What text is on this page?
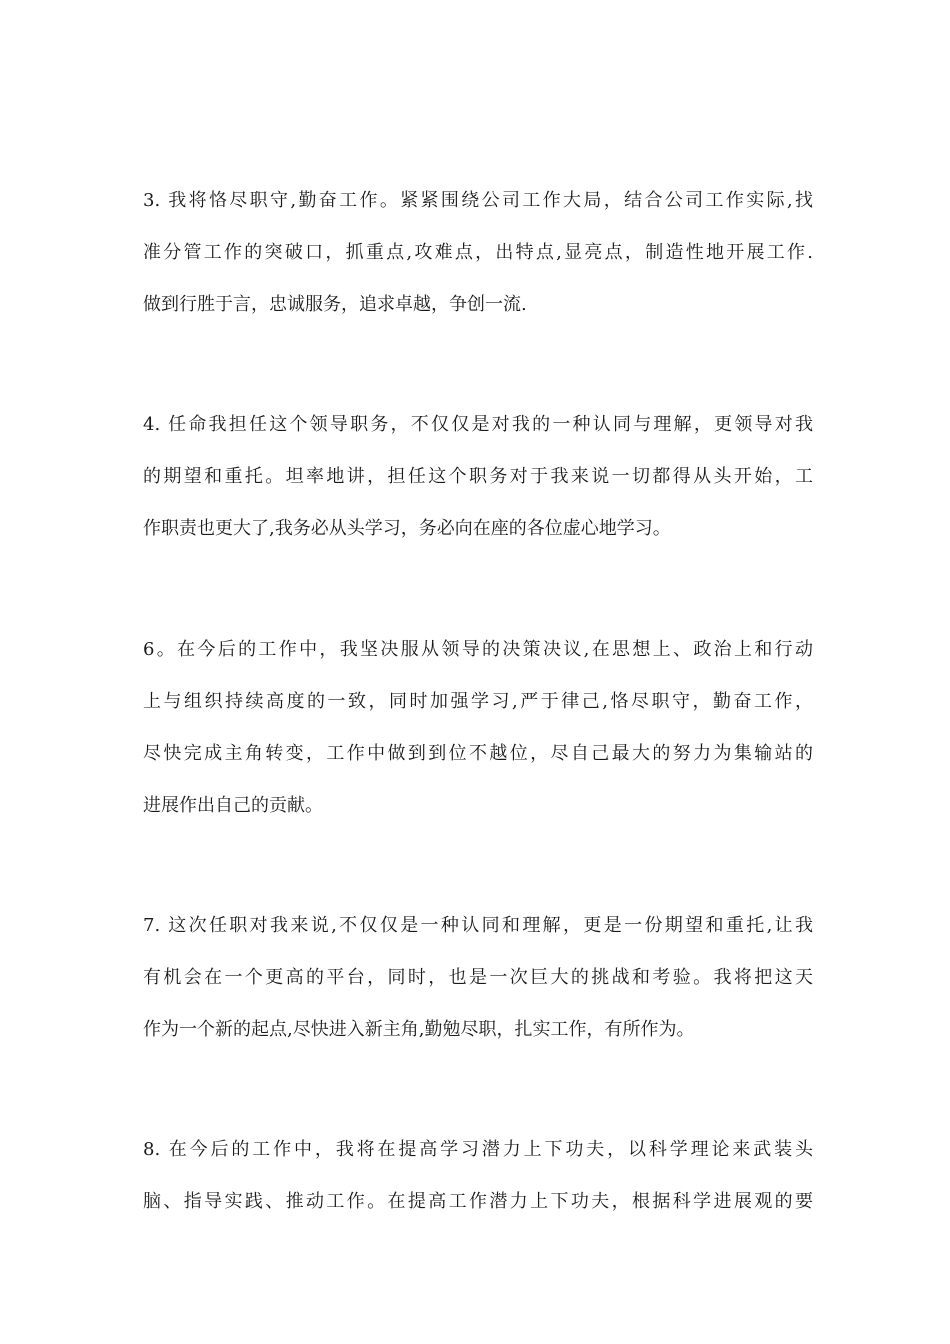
3. 我将恪尽职守,勤奋工作。紧紧围绕公司工作大局，结合公司工作实际,找
准分管工作的突破口，抓重点,攻难点，出特点,显亮点，制造性地开展工作.
做到行胜于言，忠诚服务，追求卓越，争创一流.
4. 任命我担任这个领导职务，不仅仅是对我的一种认同与理解，更领导对我
的期望和重托。坦率地讲，担任这个职务对于我来说一切都得从头开始，工
作职责也更大了,我务必从头学习，务必向在座的各位虚心地学习。
6。在今后的工作中，我坚决服从领导的决策决议,在思想上、政治上和行动
上与组织持续高度的一致，同时加强学习,严于律己,恪尽职守，勤奋工作，
尽快完成主角转变，工作中做到到位不越位，尽自己最大的努力为集输站的
进展作出自己的贡献。
7. 这次任职对我来说,不仅仅是一种认同和理解，更是一份期望和重托,让我
有机会在一个更高的平台，同时，也是一次巨大的挑战和考验。我将把这天
作为一个新的起点,尽快进入新主角,勤勉尽职，扎实工作，有所作为。
8. 在今后的工作中，我将在提高学习潜力上下功夫，以科学理论来武装头
脑、指导实践、推动工作。在提高工作潜力上下功夫，根据科学进展观的要
